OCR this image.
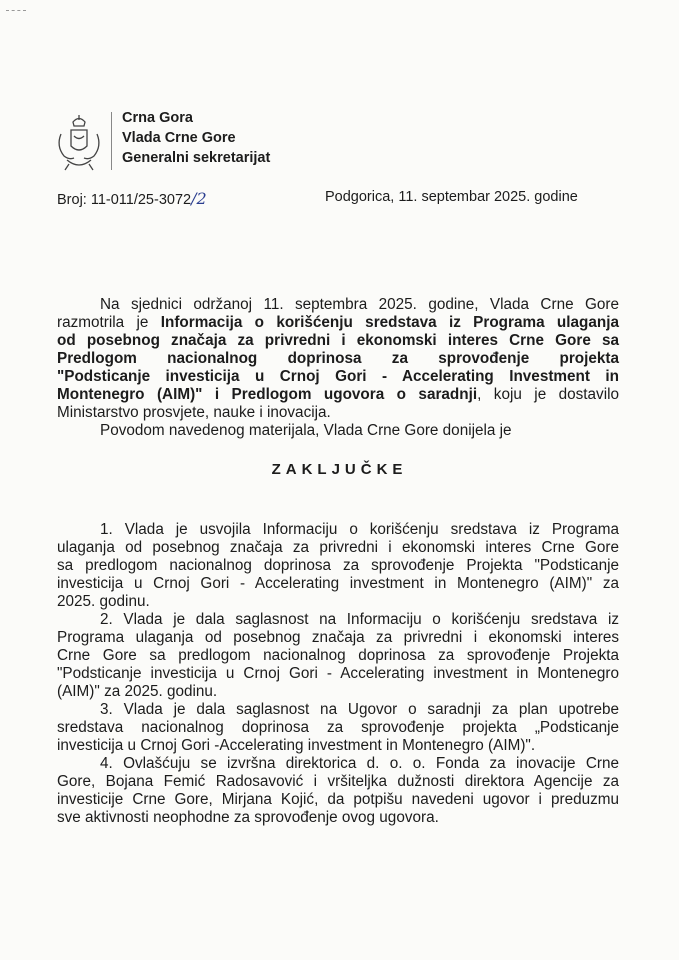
Crna Gora
Vlada Crne Gore
Generalni sekretarijat
Broj: 11-011/25-3072/2	Podgorica, 11. septembar 2025. godine
Na sjednici održanoj 11. septembra 2025. godine, Vlada Crne Gore
razmotrila je Informacija o korišćenju sredstava iz Programa ulaganja
od posebnog značaja za privredni i ekonomski interes Crne Gore sa
Predlogom nacionalnog doprinosa za sprovođenje projekta
"Podsticanje investicija u Crnoj Gori - Accelerating Investment in
Montenegro (AIM)" i Predlogom ugovora o saradnji, koju je dostavilo
Ministarstvo prosvjete, nauke i inovacija.
Povodom navedenog materijala, Vlada Crne Gore donijela je
ZAKLJUČKE
1. Vlada je usvojila Informaciju o korišćenju sredstava iz Programa
ulaganja od posebnog značaja za privredni i ekonomski interes Crne Gore
sa predlogom nacionalnog doprinosa za sprovođenje Projekta "Podsticanje
investicija u Crnoj Gori - Accelerating investment in Montenegro (AIM)" za
2025. godinu.
2. Vlada je dala saglasnost na Informaciju o korišćenju sredstava iz
Programa ulaganja od posebnog značaja za privredni i ekonomski interes
Crne Gore sa predlogom nacionalnog doprinosa za sprovođenje Projekta
"Podsticanje investicija u Crnoj Gori - Accelerating investment in Montenegro
(AIM)" za 2025. godinu.
3. Vlada je dala saglasnost na Ugovor o saradnji za plan upotrebe
sredstava nacionalnog doprinosa za sprovođenje projekta „Podsticanje
investicija u Crnoj Gori -Accelerating investment in Montenegro (AIM)".
4. Ovlašćuju se izvršna direktorica d. o. o. Fonda za inovacije Crne
Gore, Bojana Femić Radosavović i vršiteljka dužnosti direktora Agencije za
investicije Crne Gore, Mirjana Kojić, da potpišu navedeni ugovor i preduzmu
sve aktivnosti neophodne za sprovođenje ovog ugovora.
